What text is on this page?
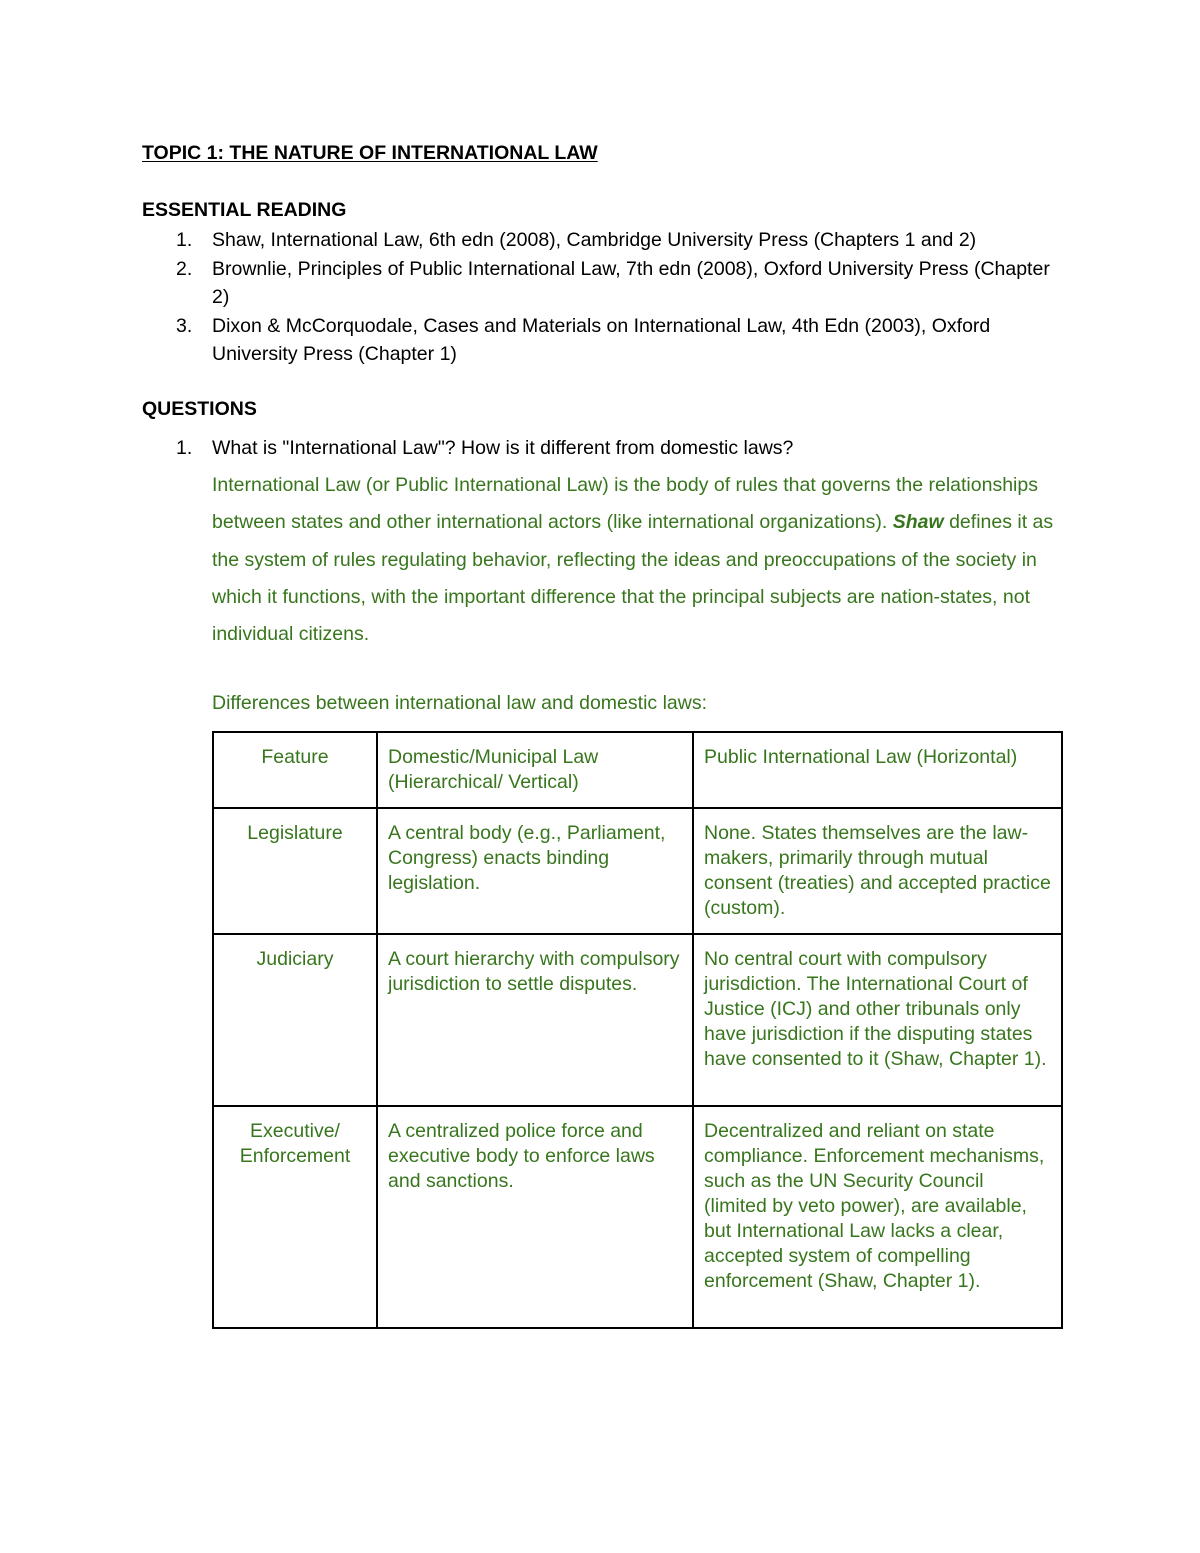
TOPIC 1: THE NATURE OF INTERNATIONAL LAW
ESSENTIAL READING
1. Shaw, International Law, 6th edn (2008), Cambridge University Press (Chapters 1 and 2)
2. Brownlie, Principles of Public International Law, 7th edn (2008), Oxford University Press (Chapter 2)
3. Dixon & McCorquodale, Cases and Materials on International Law, 4th Edn (2003), Oxford University Press (Chapter 1)
QUESTIONS
1. What is "International Law"? How is it different from domestic laws?
International Law (or Public International Law) is the body of rules that governs the relationships between states and other international actors (like international organizations). Shaw defines it as the system of rules regulating behavior, reflecting the ideas and preoccupations of the society in which it functions, with the important difference that the principal subjects are nation-states, not individual citizens.
Differences between international law and domestic laws:
Feature	Domestic/Municipal Law (Hierarchical/ Vertical)	Public International Law (Horizontal)
Legislature	A central body (e.g., Parliament, Congress) enacts binding legislation.	None. States themselves are the law-makers, primarily through mutual consent (treaties) and accepted practice (custom).
Judiciary	A court hierarchy with compulsory jurisdiction to settle disputes.	No central court with compulsory jurisdiction. The International Court of Justice (ICJ) and other tribunals only have jurisdiction if the disputing states have consented to it (Shaw, Chapter 1).
Executive/ Enforcement	A centralized police force and executive body to enforce laws and sanctions.	Decentralized and reliant on state compliance. Enforcement mechanisms, such as the UN Security Council (limited by veto power), are available, but International Law lacks a clear, accepted system of compelling enforcement (Shaw, Chapter 1).
